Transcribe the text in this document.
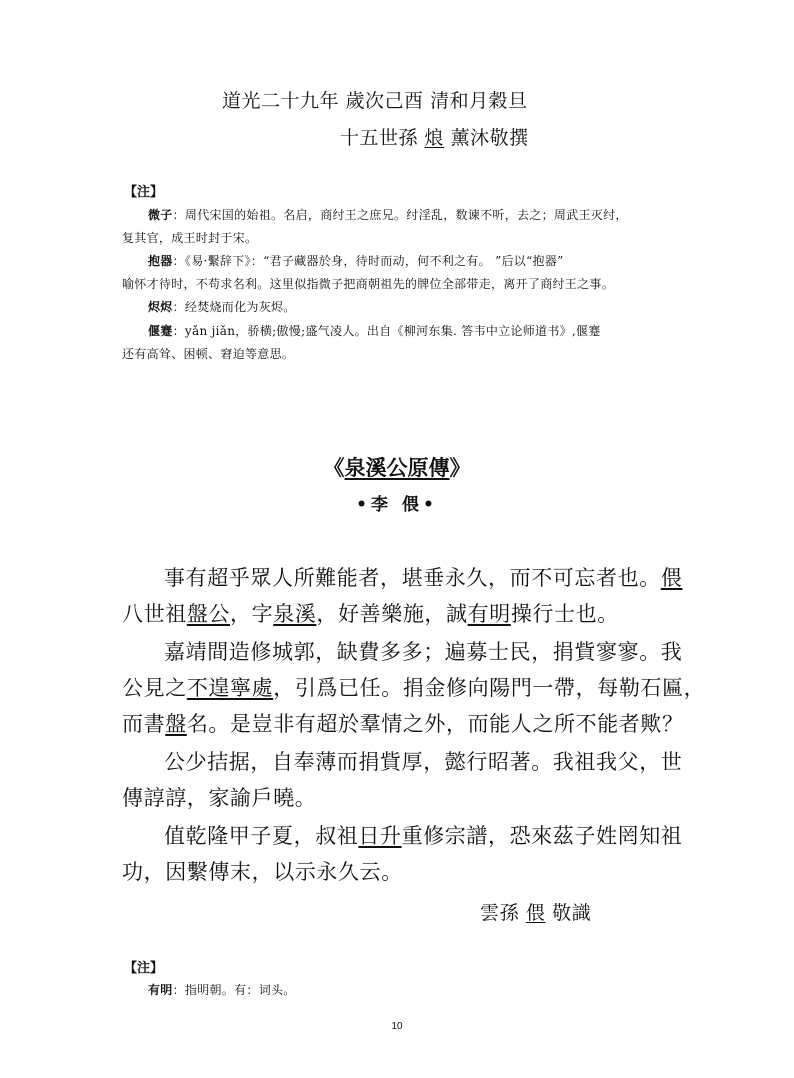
道光二十九年 歲次己酉 清和月穀旦
十五世孫 烺 薰沐敬撰
【注】
微子：周代宋国的始祖。名启，商纣王之庶兄。纣淫乱，数谏不听，去之；周武王灭纣，
复其官，成王时封于宋。
抱器：《易·繫辞下》：“君子藏器於身，待时而动，何不利之有。 ”后以“抱器”
喻怀才待时，不苟求名利。这里似指微子把商朝祖先的牌位全部带走，离开了商纣王之事。
烬烬：经焚烧而化为灰烬。
偃蹇：yǎn jiǎn，骄横;傲慢;盛气凌人。出自《柳河东集. 答韦中立论师道书》,偃蹇
还有高耸、困顿、窘迫等意思。
《泉溪公原傳》
•李 偎•
事有超乎眾人所難能者，堪垂永久，而不可忘者也。偎
八世祖盤公，字泉溪，好善樂施，誠有明操行士也。
嘉靖間造修城郭，缺費多多；遍募士民，捐貲寥寥。我
公見之不遑寧處，引爲已任。捐金修向陽門一帶，每勒石匾，
而書盤名。是豈非有超於羣情之外，而能人之所不能者歟？
公少拮据，自奉薄而捐貲厚，懿行昭著。我祖我父，世
傳諄諄，家諭戶曉。
值乾隆甲子夏，叔祖日升重修宗譜，恐來茲子姓罔知祖
功，因繫傳末，以示永久云。
雲孫 偎 敬識
【注】
有明：指明朝。有：词头。
10
